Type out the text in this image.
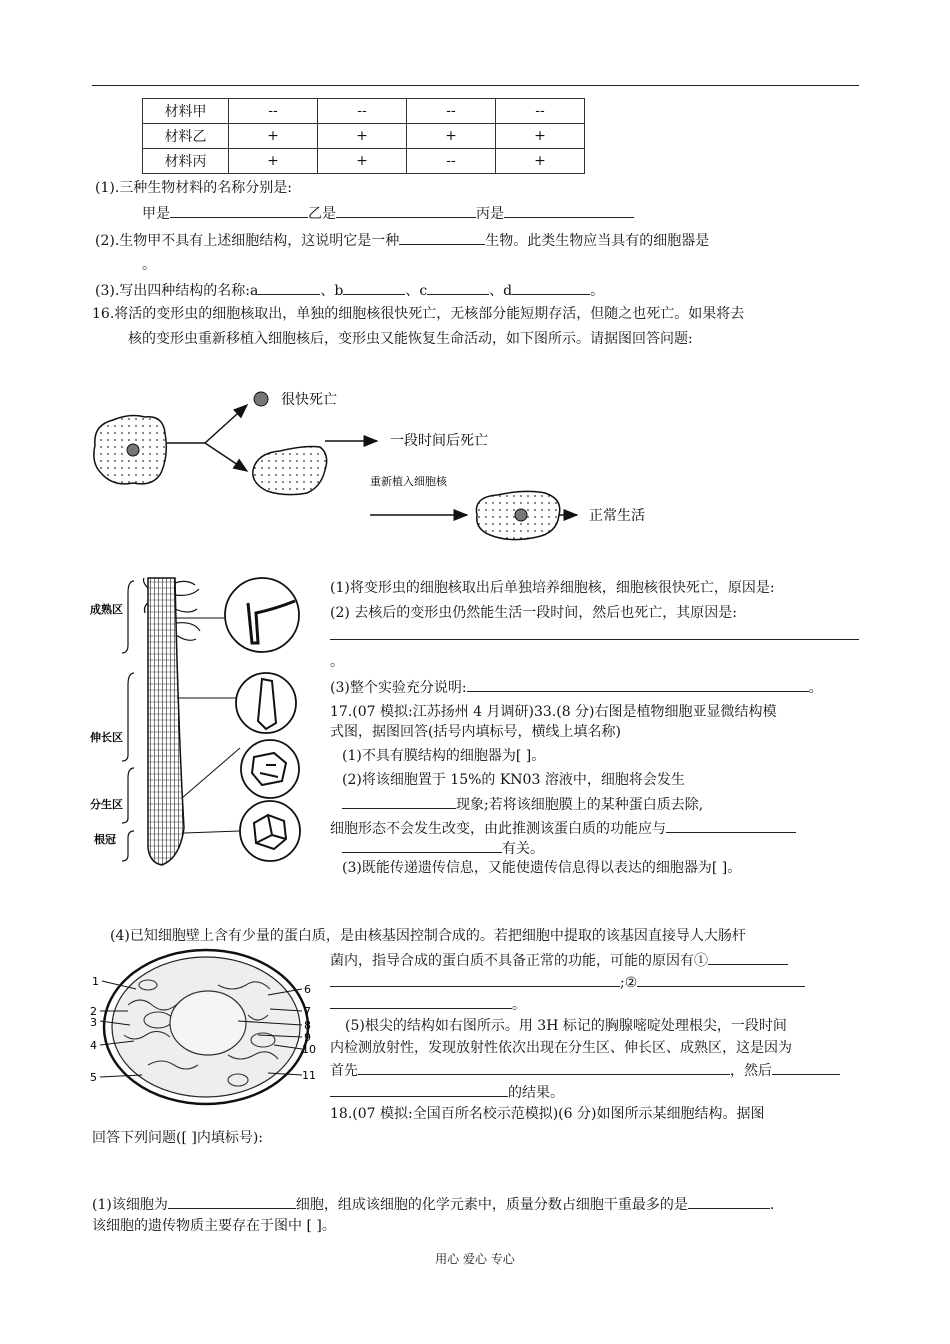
材料甲	--	--	--	--
材料乙	+	+	+	+
材料丙	+	+	--	+
(1).三种生物材料的名称分别是:
甲是	乙是	丙是
(2).生物甲不具有上述细胞结构，这说明它是一种	生物。此类生物应当具有的细胞器是
。
(3).写出四种结构的名称:a	、b	、c	、d	。
16.将活的变形虫的细胞核取出，单独的细胞核很快死亡，无核部分能短期存活，但随之也死亡。如果将去
核的变形虫重新移植入细胞核后，变形虫又能恢复生命活动，如下图所示。请据图回答问题:
很快死亡
一段时间后死亡
重新植入细胞核
正常生活
成熟区
伸长区
分生区
根冠
(1)将变形虫的细胞核取出后单独培养细胞核，细胞核很快死亡，原因是:
(2) 去核后的变形虫仍然能生活一段时间，然后也死亡，其原因是:
。
(3)整个实验充分说明:	。
17.(07 模拟:江苏扬州 4 月调研)33.(8 分)右图是植物细胞亚显微结构模
式图，据图回答(括号内填标号，横线上填名称)
(1)不具有膜结构的细胞器为[ ]。
(2)将该细胞置于 15%的 KN03 溶液中，细胞将会发生
现象;若将该细胞膜上的某种蛋白质去除,
细胞形态不会发生改变，由此推测该蛋白质的功能应与
有关。
(3)既能传递遗传信息，又能使遗传信息得以表达的细胞器为[ ]。
(4)已知细胞壁上含有少量的蛋白质，是由核基因控制合成的。若把细胞中提取的该基因直接导人大肠杆
1
2
3
4
5
6
7
8
9
10
11
菌内，指导合成的蛋白质不具备正常的功能，可能的原因有①
;②
。
(5)根尖的结构如右图所示。用 3H 标记的胸腺嘧啶处理根尖，一段时间
内检测放射性，发现放射性依次出现在分生区、伸长区、成熟区，这是因为
首先	，然后
的结果。
18.(07 模拟:全国百所名校示范模拟)(6 分)如图所示某细胞结构。据图
回答下列问题([ ]内填标号):
(1)该细胞为	细胞，组成该细胞的化学元素中，质量分数占细胞干重最多的是	.
该细胞的遗传物质主要存在于图中 [ ]。
用心 爱心 专心
